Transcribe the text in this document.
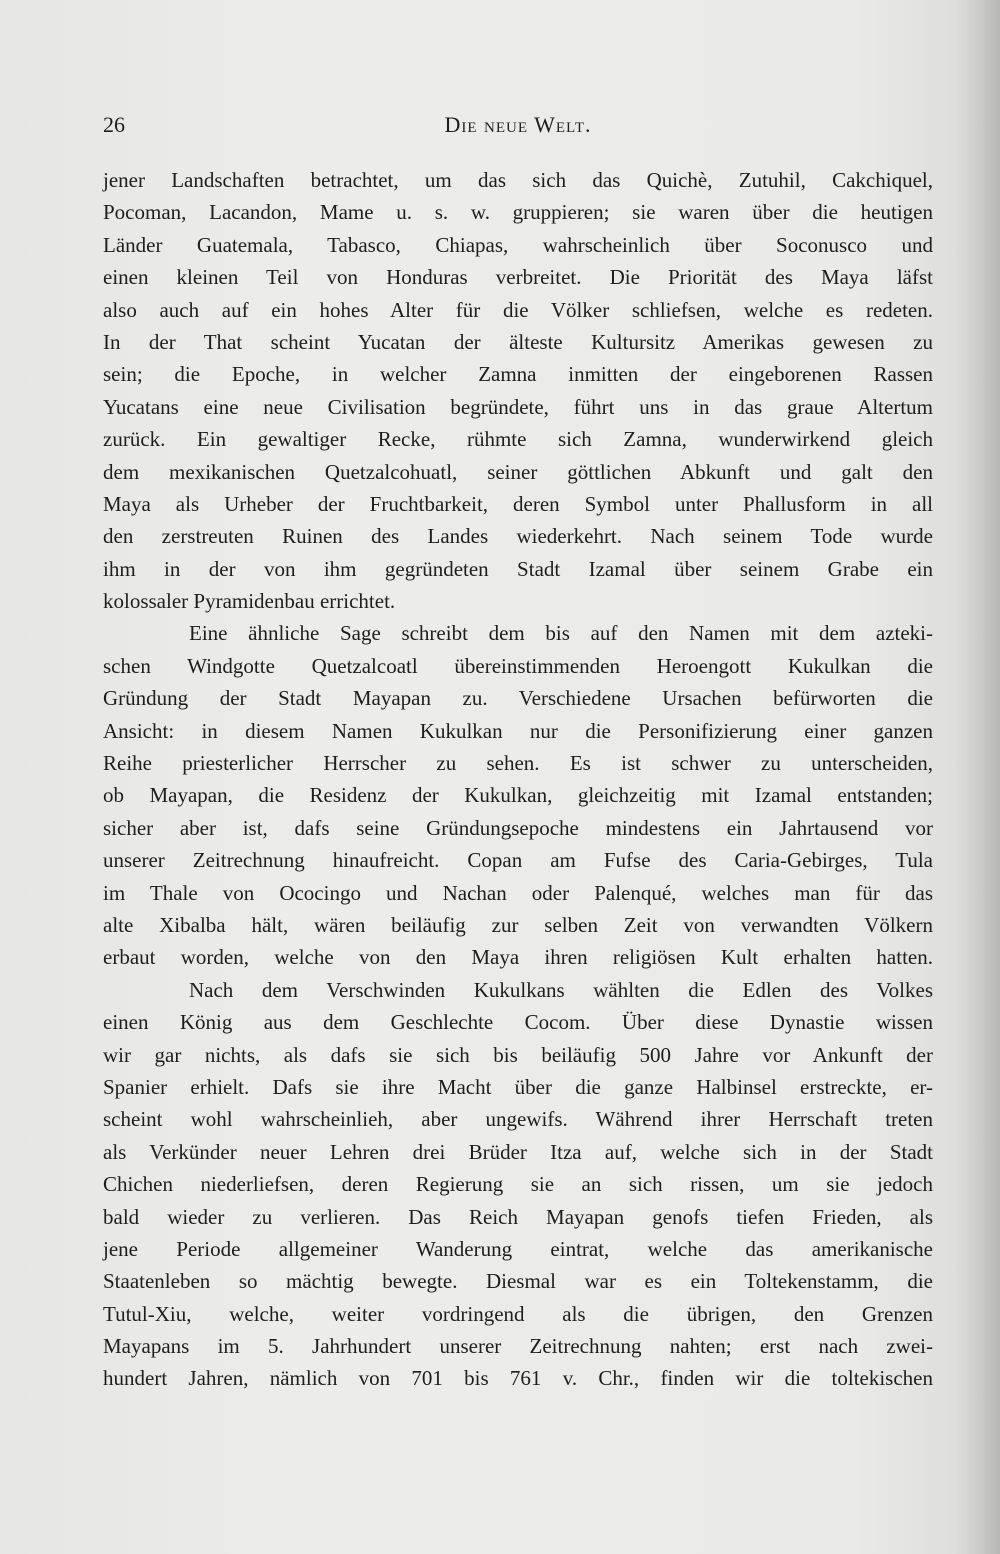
Die neue Welt.
26
jener Landschaften betrachtet, um das sich das Quichè, Zutuhil, Cakchiquel,
Pocoman, Lacandon, Mame u. s. w. gruppieren; sie waren über die heutigen
Länder Guatemala, Tabasco, Chiapas, wahrscheinlich über Soconusco und
einen kleinen Teil von Honduras verbreitet. Die Priorität des Maya läfst
also auch auf ein hohes Alter für die Völker schliefsen, welche es redeten.
In der That scheint Yucatan der älteste Kultursitz Amerikas gewesen zu
sein; die Epoche, in welcher Zamna inmitten der eingeborenen Rassen
Yucatans eine neue Civilisation begründete, führt uns in das graue Altertum
zurück. Ein gewaltiger Recke, rühmte sich Zamna, wunderwirkend gleich
dem mexikanischen Quetzalcohuatl, seiner göttlichen Abkunft und galt den
Maya als Urheber der Fruchtbarkeit, deren Symbol unter Phallusform in all
den zerstreuten Ruinen des Landes wiederkehrt. Nach seinem Tode wurde
ihm in der von ihm gegründeten Stadt Izamal über seinem Grabe ein
kolossaler Pyramidenbau errichtet.
Eine ähnliche Sage schreibt dem bis auf den Namen mit dem azteki-
schen Windgotte Quetzalcoatl übereinstimmenden Heroengott Kukulkan die
Gründung der Stadt Mayapan zu. Verschiedene Ursachen befürworten die
Ansicht: in diesem Namen Kukulkan nur die Personifizierung einer ganzen
Reihe priesterlicher Herrscher zu sehen. Es ist schwer zu unterscheiden,
ob Mayapan, die Residenz der Kukulkan, gleichzeitig mit Izamal entstanden;
sicher aber ist, dafs seine Gründungsepoche mindestens ein Jahrtausend vor
unserer Zeitrechnung hinaufreicht. Copan am Fufse des Caria-Gebirges, Tula
im Thale von Ococingo und Nachan oder Palenqué, welches man für das
alte Xibalba hält, wären beiläufig zur selben Zeit von verwandten Völkern
erbaut worden, welche von den Maya ihren religiösen Kult erhalten hatten.
Nach dem Verschwinden Kukulkans wählten die Edlen des Volkes
einen König aus dem Geschlechte Cocom. Über diese Dynastie wissen
wir gar nichts, als dafs sie sich bis beiläufig 500 Jahre vor Ankunft der
Spanier erhielt. Dafs sie ihre Macht über die ganze Halbinsel erstreckte, er-
scheint wohl wahrscheinlieh, aber ungewifs. Während ihrer Herrschaft treten
als Verkünder neuer Lehren drei Brüder Itza auf, welche sich in der Stadt
Chichen niederliefsen, deren Regierung sie an sich rissen, um sie jedoch
bald wieder zu verlieren. Das Reich Mayapan genofs tiefen Frieden, als
jene Periode allgemeiner Wanderung eintrat, welche das amerikanische
Staatenleben so mächtig bewegte. Diesmal war es ein Toltekenstamm, die
Tutul-Xiu, welche, weiter vordringend als die übrigen, den Grenzen
Mayapans im 5. Jahrhundert unserer Zeitrechnung nahten; erst nach zwei-
hundert Jahren, nämlich von 701 bis 761 v. Chr., finden wir die toltekischen
